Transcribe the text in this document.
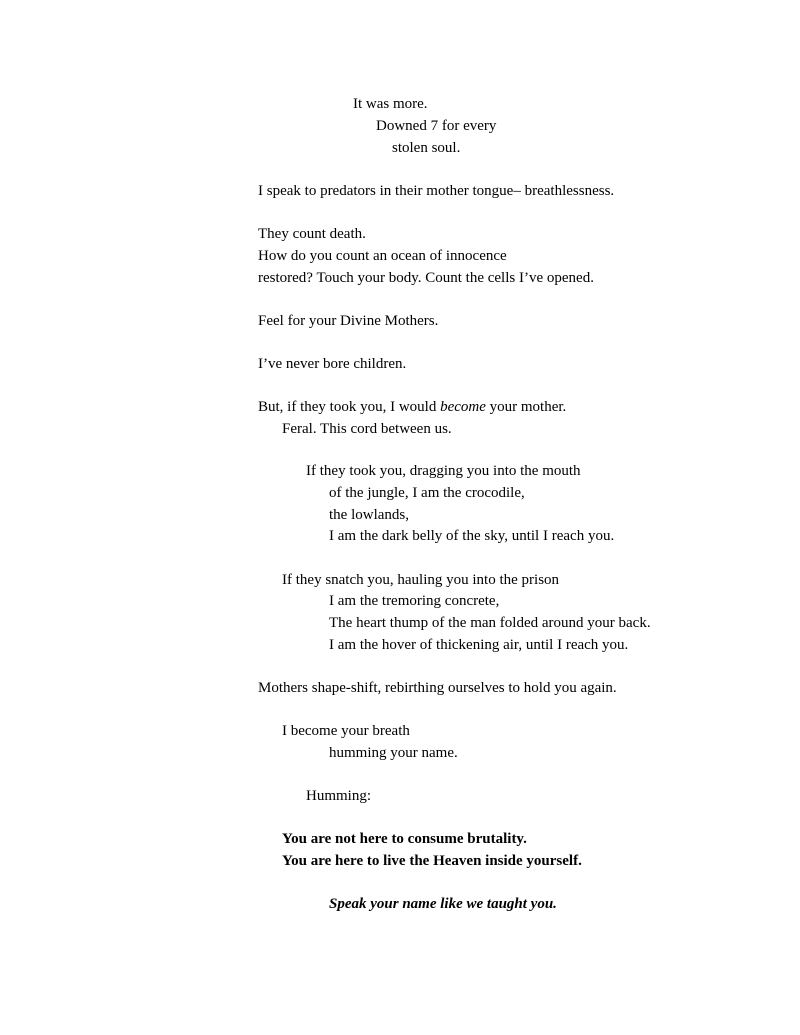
It was more.
Downed 7 for every
stolen soul.
I speak to predators in their mother tongue– breathlessness.
They count death.
How do you count an ocean of innocence
restored? Touch your body. Count the cells I’ve opened.
Feel for your Divine Mothers.
I’ve never bore children.
But, if they took you, I would become your mother.
Feral. This cord between us.
If they took you, dragging you into the mouth
of the jungle, I am the crocodile,
the lowlands,
I am the dark belly of the sky, until I reach you.
If they snatch you, hauling you into the prison
I am the tremoring concrete,
The heart thump of the man folded around your back.
I am the hover of thickening air, until I reach you.
Mothers shape-shift, rebirthing ourselves to hold you again.
I become your breath
humming your name.
Humming:
You are not here to consume brutality.
You are here to live the Heaven inside yourself.
Speak your name like we taught you.
